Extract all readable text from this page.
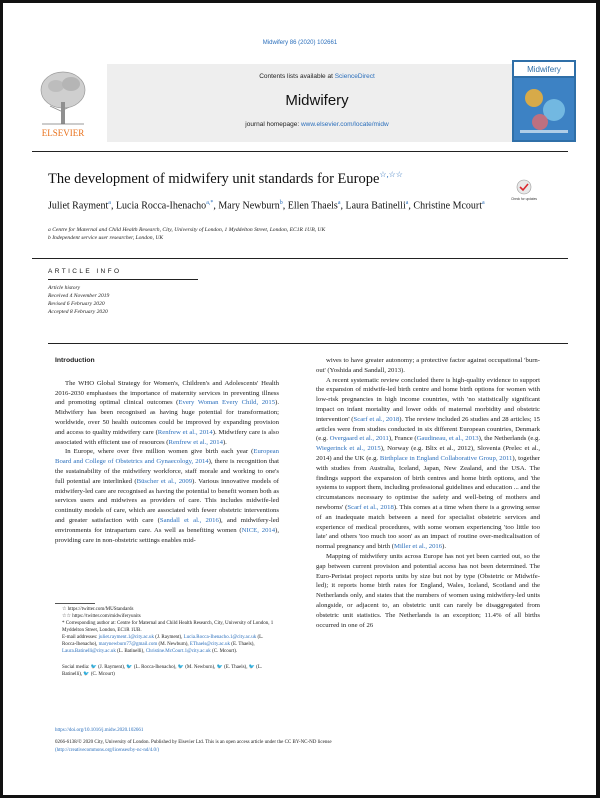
Midwifery 86 (2020) 102661
ELSEVIER
Contents lists available at ScienceDirect
Midwifery
journal homepage: www.elsevier.com/locate/midw
Midwifery
The development of midwifery unit standards for Europe☆,☆☆
Check for updates
Juliet Rayment$^a$, Lucia Rocca-Ihenacho$^{a,*}$, Mary Newburn$^b$, Ellen Thaels$^a$, Laura Batinelli$^a$, Christine Mcourt$^a$
a Centre for Maternal and Child Health Research, City, University of London, 1 Myddelton Street, London, EC1R 1UB, UK
b Independent service user researcher, London, UK
ARTICLE INFO
Article history
Received 4 November 2019
Revised 6 February 2020
Accepted 8 February 2020
Introduction

The WHO Global Strategy for Women's, Children's and Adolescents' Health 2016-2030 emphasises the importance of maternity services in preventing illness and promoting optimal clinical outcomes (Every Woman Every Child, 2015). Midwifery has been recognised as having huge potential for transformation; worldwide, over 50 health outcomes could be improved by expanding provision and access to quality midwifery care (Renfrew et al., 2014). Midwifery care is also associated with efficient use of resources (Renfrew et al., 2014).

In Europe, where over five million women give birth each year (European Board and College of Obstetrics and Gynaecology, 2014), there is recognition that the sustainability of the midwifery workforce, staff morale and working to one's full potential are interlinked (Büscher et al., 2009). Various innovative models of midwifery-led care are recognised as having the potential to benefit women both as services users and midwives as providers of care. This includes midwife-led continuity models of care, which are associated with fewer obstetric interventions and greater satisfaction with care (Sandall et al., 2016), and midwifery-led environments for intrapartum care. As well as benefiting women (NICE, 2014), providing care in non-obstetric settings enables mid-

wives to have greater autonomy; a protective factor against occupational 'burn-out' (Yoshida and Sandall, 2013).

A recent systematic review concluded there is high-quality evidence to support the expansion of midwife-led birth centre and home birth options for women with low-risk pregnancies in high income countries, with 'no statistically significant impact on infant mortality and lower odds of maternal morbidity and obstetric intervention' (Scarf et al., 2018). The review included 26 studies and 28 articles; 15 articles were from studies conducted in six different European countries, Denmark (e.g. Overgaard et al., 2011), France (Gaudineau, et al., 2013), the Netherlands (e.g. Wiegerinck et al., 2015), Norway (e.g. Blix et al., 2012), Slovenia (Prelec et al., 2014) and the UK (e.g. Birthplace in England Collaborative Group, 2011), together with studies from Australia, Iceland, Japan, New Zealand, and the USA. The findings support the expansion of birth centres and home birth options, and 'the systems to support them, including professional guidelines and education ... and the circumstances necessary to optimise the safety and well-being of mothers and newborns' (Scarf et al., 2018). This comes at a time when there is a growing sense of an inadequate match between a need for specialist obstetric services and experience of medical procedures, with some women experiencing 'too little too late' and others 'too much too soon' as an impact of routine over-medicalisation of normal pregnancy and birth (Miller et al., 2016).

Mapping of midwifery units across Europe has not yet been carried out, so the gap between current provision and potential access has not been determined. The Euro-Peristat project reports units by size but not by type (Obstetric or Midwife-led); it reports home birth rates for England, Wales, Iceland, Scotland and the Netherlands only, and states that the numbers of women using midwifery-led units alongside, or adjacent to, an obstetric unit can rarely be disaggregated from obstetric unit statistics. The Netherlands is an exception; 11.4% of all births occurred in one of 26

☆ https://twitter.com/MUStandards
☆☆ https://twitter.com/midwiferyunits
* Corresponding author at: Centre for Maternal and Child Health Research, City, University of London, 1 Myddelton Street, London, EC1R 1UB.
E-mail addresses: juliet.rayment.1@city.ac.uk (J. Rayment), Lucia.Rocca-Ihenacho.1@city.ac.uk (L. Rocca-Ihenacho), marynewburn77@gmail.com (M. Newburn), EThaels@city.ac.uk (E. Thaels), Laura.Batinelli@city.ac.uk (L. Batinelli), Christine.McCourt.1@city.ac.uk (C. Mcourt).
Social media: 🐦 (J. Rayment), 🐦 (L. Rocca-Ihenacho), 🐦 (M. Newburn), 🐦 (E. Thaels), 🐦 (L. Batinelli), 🐦 (C. Mcourt)
https://doi.org/10.1016/j.midw.2020.102661
0266-6138/© 2020 City, University of London. Published by Elsevier Ltd. This is an open access article under the CC BY-NC-ND license
(http://creativecommons.org/licenses/by-nc-nd/4.0/)
